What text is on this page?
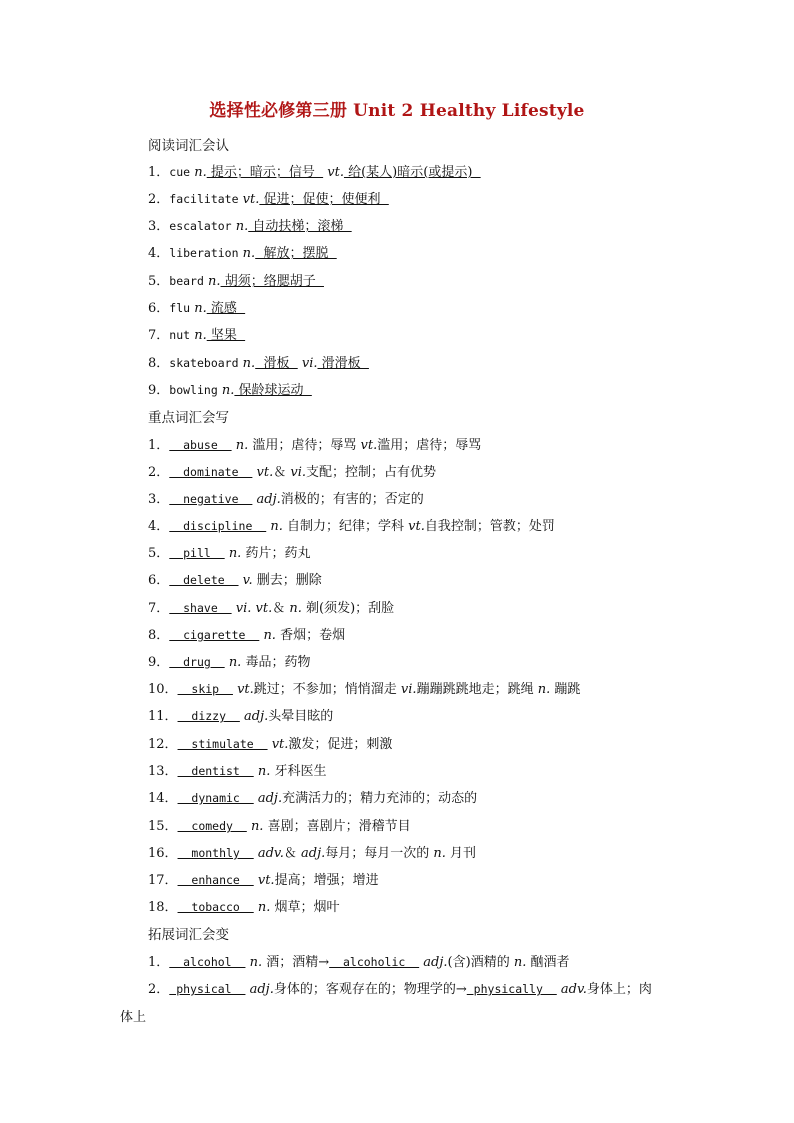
选择性必修第三册 Unit 2 Healthy Lifestyle
阅读词汇会认
1．cue n. 提示；暗示；信号   vt. 给(某人)暗示(或提示)
2．facilitate vt. 促进；促使；使便利
3．escalator n. 自动扶梯；滚梯
4．liberation n.  解放；摆脱
5．beard n. 胡须；络腮胡子
6．flu n. 流感
7．nut n. 坚果
8．skateboard n.  滑板   vi. 滑滑板
9．bowling n. 保龄球运动
重点词汇会写
1．  abuse   n. 滥用；虐待；辱骂 vt.滥用；虐待；辱骂
2．  dominate   vt.＆ vi.支配；控制；占有优势
3．  negative   adj.消极的；有害的；否定的
4．  discipline   n. 自制力；纪律；学科 vt.自我控制；管教；处罚
5．  pill   n. 药片；药丸
6．  delete   v. 删去；删除
7．  shave   vi. vt.＆ n. 剃(须发)；刮脸
8．  cigarette   n. 香烟；卷烟
9．  drug   n. 毒品；药物
10．  skip   vt.跳过；不参加；悄悄溜走 vi.蹦蹦跳跳地走；跳绳 n. 蹦跳
11．  dizzy   adj.头晕目眩的
12．  stimulate   vt.激发；促进；刺激
13．  dentist   n. 牙科医生
14．  dynamic   adj.充满活力的；精力充沛的；动态的
15．  comedy   n. 喜剧；喜剧片；滑稽节目
16．  monthly   adv.＆ adj.每月；每月一次的 n. 月刊
17．  enhance   vt.提高；增强；增进
18．  tobacco   n. 烟草；烟叶
拓展词汇会变
1．  alcohol   n. 酒；酒精→  alcoholic   adj.(含)酒精的 n. 酗酒者
2． physical   adj.身体的；客观存在的；物理学的→ physically   adv.身体上；肉
体上
